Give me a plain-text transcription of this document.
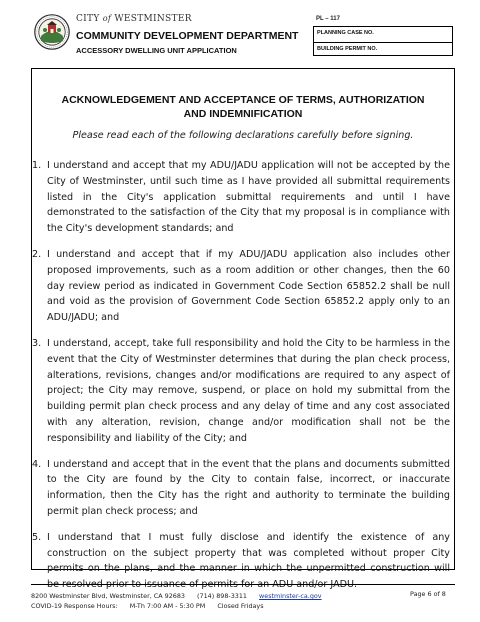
CITY of WESTMINSTER
COMMUNITY DEVELOPMENT DEPARTMENT
ACCESSORY DWELLING UNIT APPLICATION
PL – 117
PLANNING CASE NO.
BUILDING PERMIT NO.
ACKNOWLEDGEMENT AND ACCEPTANCE OF TERMS, AUTHORIZATION AND INDEMNIFICATION
Please read each of the following declarations carefully before signing.
1. I understand and accept that my ADU/JADU application will not be accepted by the City of Westminster, until such time as I have provided all submittal requirements listed in the City's application submittal requirements and until I have demonstrated to the satisfaction of the City that my proposal is in compliance with the City's development standards; and
2. I understand and accept that if my ADU/JADU application also includes other proposed improvements, such as a room addition or other changes, then the 60 day review period as indicated in Government Code Section 65852.2 shall be null and void as the provision of Government Code Section 65852.2 apply only to an ADU/JADU; and
3. I understand, accept, take full responsibility and hold the City to be harmless in the event that the City of Westminster determines that during the plan check process, alterations, revisions, changes and/or modifications are required to any aspect of project; the City may remove, suspend, or place on hold my submittal from the building permit plan check process and any delay of time and any cost associated with any alteration, revision, change and/or modification shall not be the responsibility and liability of the City; and
4. I understand and accept that in the event that the plans and documents submitted to the City are found by the City to contain false, incorrect, or inaccurate information, then the City has the right and authority to terminate the building permit plan check process; and
5. I understand that I must fully disclose and identify the existence of any construction on the subject property that was completed without proper City permits on the plans, and the manner in which the unpermitted construction will
8200 Westminster Blvd, Westminster, CA 92683 (714) 898-3311 westminster-ca.gov
COVID-19 Response Hours: M-Th 7:00 AM - 5:30 PM Closed Fridays
Page 6 of 8
